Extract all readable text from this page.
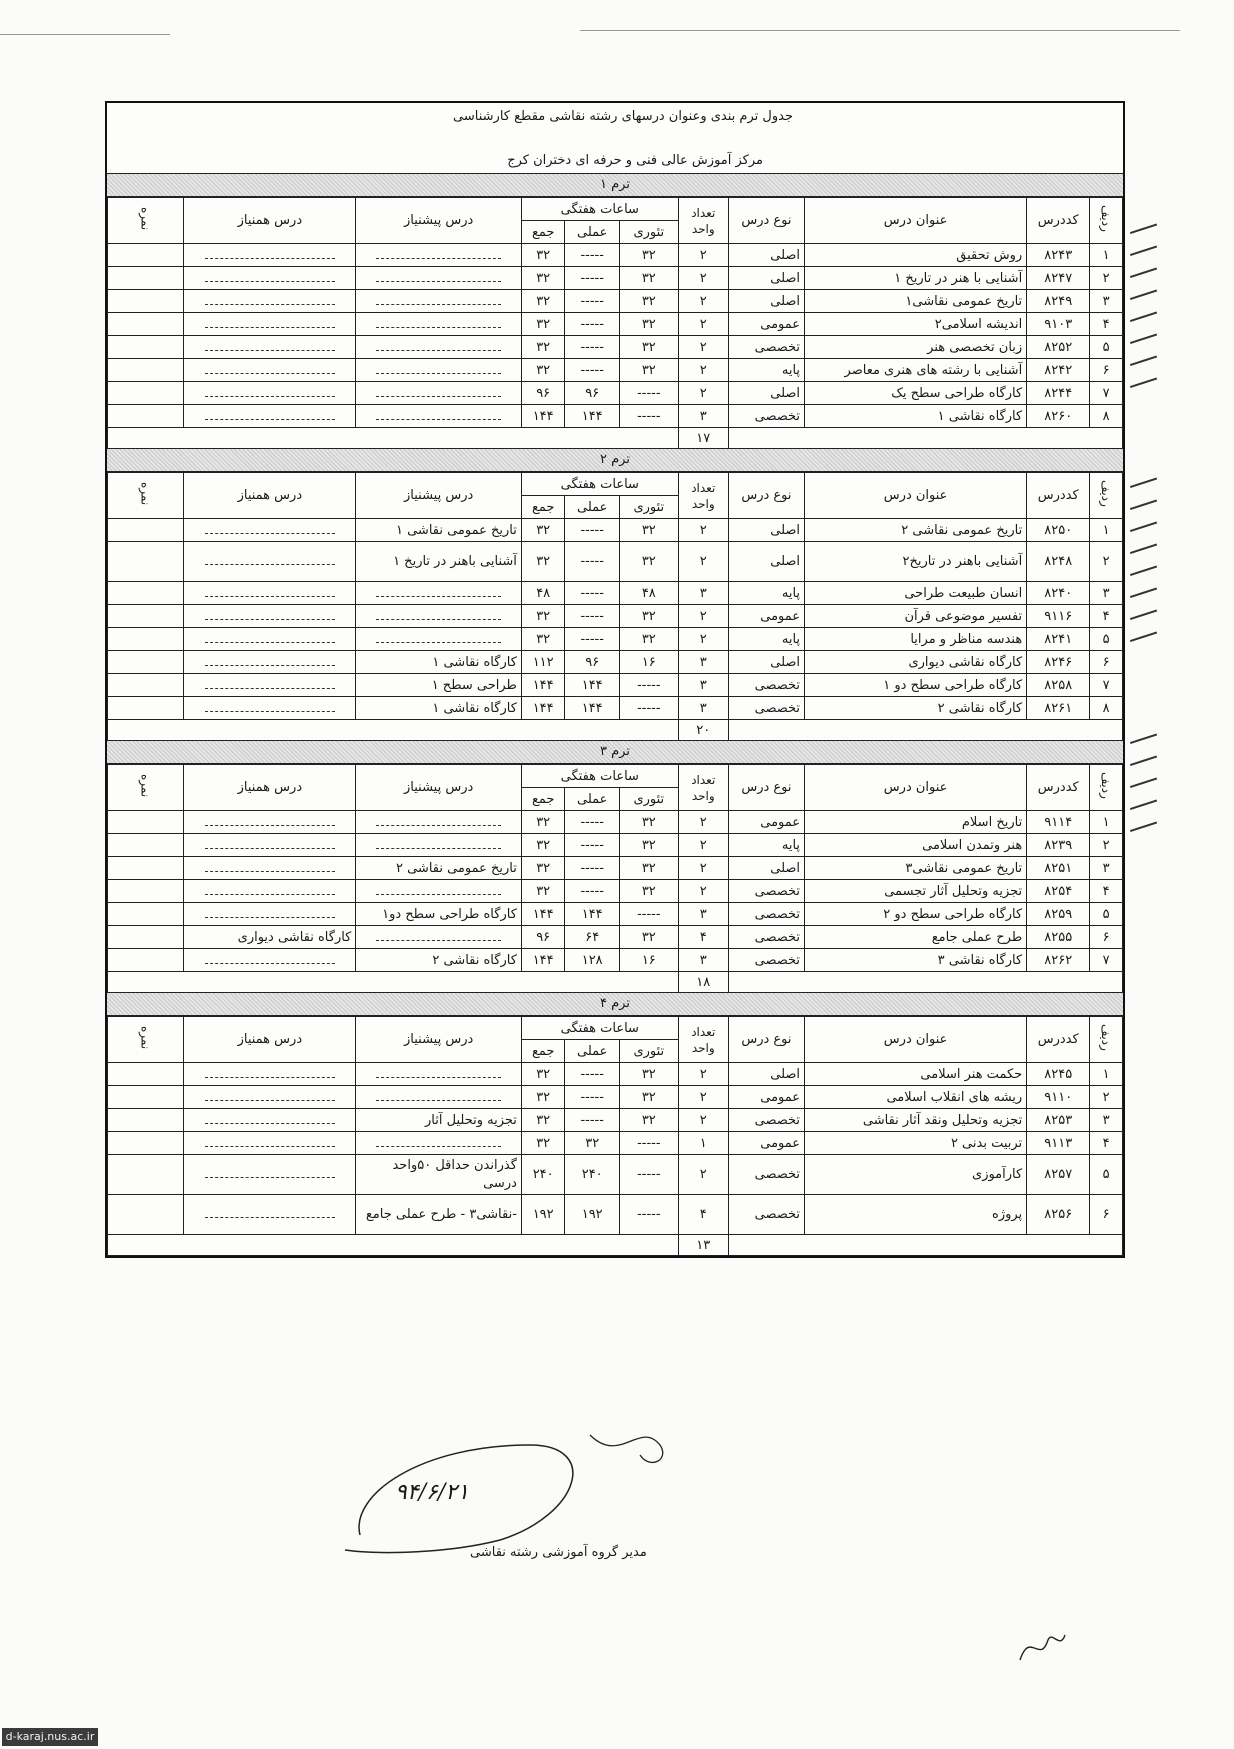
جدول ترم بندی وعنوان درسهای رشته نقاشی مقطع کارشناسی
مرکز آموزش عالی فنی و حرفه ای دختران کرج
ترم ۱
ردیف	کددرس	عنوان درس	نوع درس	تعداد واحد	ساعات هفتگی			درس پیشنیاز	درس همنیاز	نمره
					تئوری	عملی	جمع			
۱	۸۲۴۳	روش تحقیق	اصلی	۲	۳۲	-----	۳۲			
۲	۸۲۴۷	آشنایی با هنر در تاریخ ۱	اصلی	۲	۳۲	-----	۳۲			
۳	۸۲۴۹	تاریخ عمومی نقاشی۱	اصلی	۲	۳۲	-----	۳۲			
۴	۹۱۰۳	اندیشه اسلامی۲	عمومی	۲	۳۲	-----	۳۲			
۵	۸۲۵۲	زبان تخصصی هنر	تخصصی	۲	۳۲	-----	۳۲			
۶	۸۲۴۲	آشنایی با رشته های هنری معاصر	پایه	۲	۳۲	-----	۳۲			
۷	۸۲۴۴	کارگاه طراحی سطح یک	اصلی	۲	-----	۹۶	۹۶			
۸	۸۲۶۰	کارگاه نقاشی ۱	تخصصی	۳	-----	۱۴۴	۱۴۴			
				۱۷						
ترم ۲
ردیف	کددرس	عنوان درس	نوع درس	تعداد واحد	ساعات هفتگی			درس پیشنیاز	درس همنیاز	نمره
					تئوری	عملی	جمع			
۱	۸۲۵۰	تاریخ عمومی نقاشی ۲	اصلی	۲	۳۲	-----	۳۲	تاریخ عمومی نقاشی ۱		
۲	۸۲۴۸	آشنایی باهنر در تاریخ۲	اصلی	۲	۳۲	-----	۳۲	آشنایی باهنر در تاریخ ۱		
۳	۸۲۴۰	انسان طبیعت طراحی	پایه	۳	۴۸	-----	۴۸			
۴	۹۱۱۶	تفسیر موضوعی قرآن	عمومی	۲	۳۲	-----	۳۲			
۵	۸۲۴۱	هندسه مناظر و مرایا	پایه	۲	۳۲	-----	۳۲			
۶	۸۲۴۶	کارگاه نقاشی دیواری	اصلی	۳	۱۶	۹۶	۱۱۲	کارگاه نقاشی ۱		
۷	۸۲۵۸	کارگاه طراحی سطح دو ۱	تخصصی	۳	-----	۱۴۴	۱۴۴	طراحی سطح ۱		
۸	۸۲۶۱	کارگاه نقاشی ۲	تخصصی	۳	-----	۱۴۴	۱۴۴	کارگاه نقاشی ۱		
				۲۰						
ترم ۳
ردیف	کددرس	عنوان درس	نوع درس	تعداد واحد	ساعات هفتگی			درس پیشنیاز	درس همنیاز	نمره
					تئوری	عملی	جمع			
۱	۹۱۱۴	تاریخ اسلام	عمومی	۲	۳۲	-----	۳۲			
۲	۸۲۳۹	هنر وتمدن اسلامی	پایه	۲	۳۲	-----	۳۲			
۳	۸۲۵۱	تاریخ عمومی نقاشی۳	اصلی	۲	۳۲	-----	۳۲	تاریخ عمومی نقاشی ۲		
۴	۸۲۵۴	تجزیه وتحلیل آثار تجسمی	تخصصی	۲	۳۲	-----	۳۲			
۵	۸۲۵۹	کارگاه طراحی سطح دو ۲	تخصصی	۳	-----	۱۴۴	۱۴۴	کارگاه طراحی سطح دو۱		
۶	۸۲۵۵	طرح عملی جامع	تخصصی	۴	۳۲	۶۴	۹۶		کارگاه نقاشی دیواری	
۷	۸۲۶۲	کارگاه نقاشی ۳	تخصصی	۳	۱۶	۱۲۸	۱۴۴	کارگاه نقاشی ۲		
				۱۸						
ترم ۴
ردیف	کددرس	عنوان درس	نوع درس	تعداد واحد	ساعات هفتگی			درس پیشنیاز	درس همنیاز	نمره
					تئوری	عملی	جمع			
۱	۸۲۴۵	حکمت هنر اسلامی	اصلی	۲	۳۲	-----	۳۲			
۲	۹۱۱۰	ریشه های انقلاب اسلامی	عمومی	۲	۳۲	-----	۳۲			
۳	۸۲۵۳	تجزیه وتحلیل ونقد آثار نقاشی	تخصصی	۲	۳۲	-----	۳۲	تجزیه وتحلیل آثار		
۴	۹۱۱۳	تربیت بدنی ۲	عمومی	۱	-----	۳۲	۳۲			
۵	۸۲۵۷	کارآموزی	تخصصی	۲	-----	۲۴۰	۲۴۰	گذراندن حداقل ۵۰واحد درسی		
۶	۸۲۵۶	پروژه	تخصصی	۴	-----	۱۹۲	۱۹۲	-نقاشی۳ - طرح عملی جامع		
				۱۳						
۹۴/۶/۲۱
مدیر گروه آموزشی رشته نقاشی
d-karaj.nus.ac.ir
